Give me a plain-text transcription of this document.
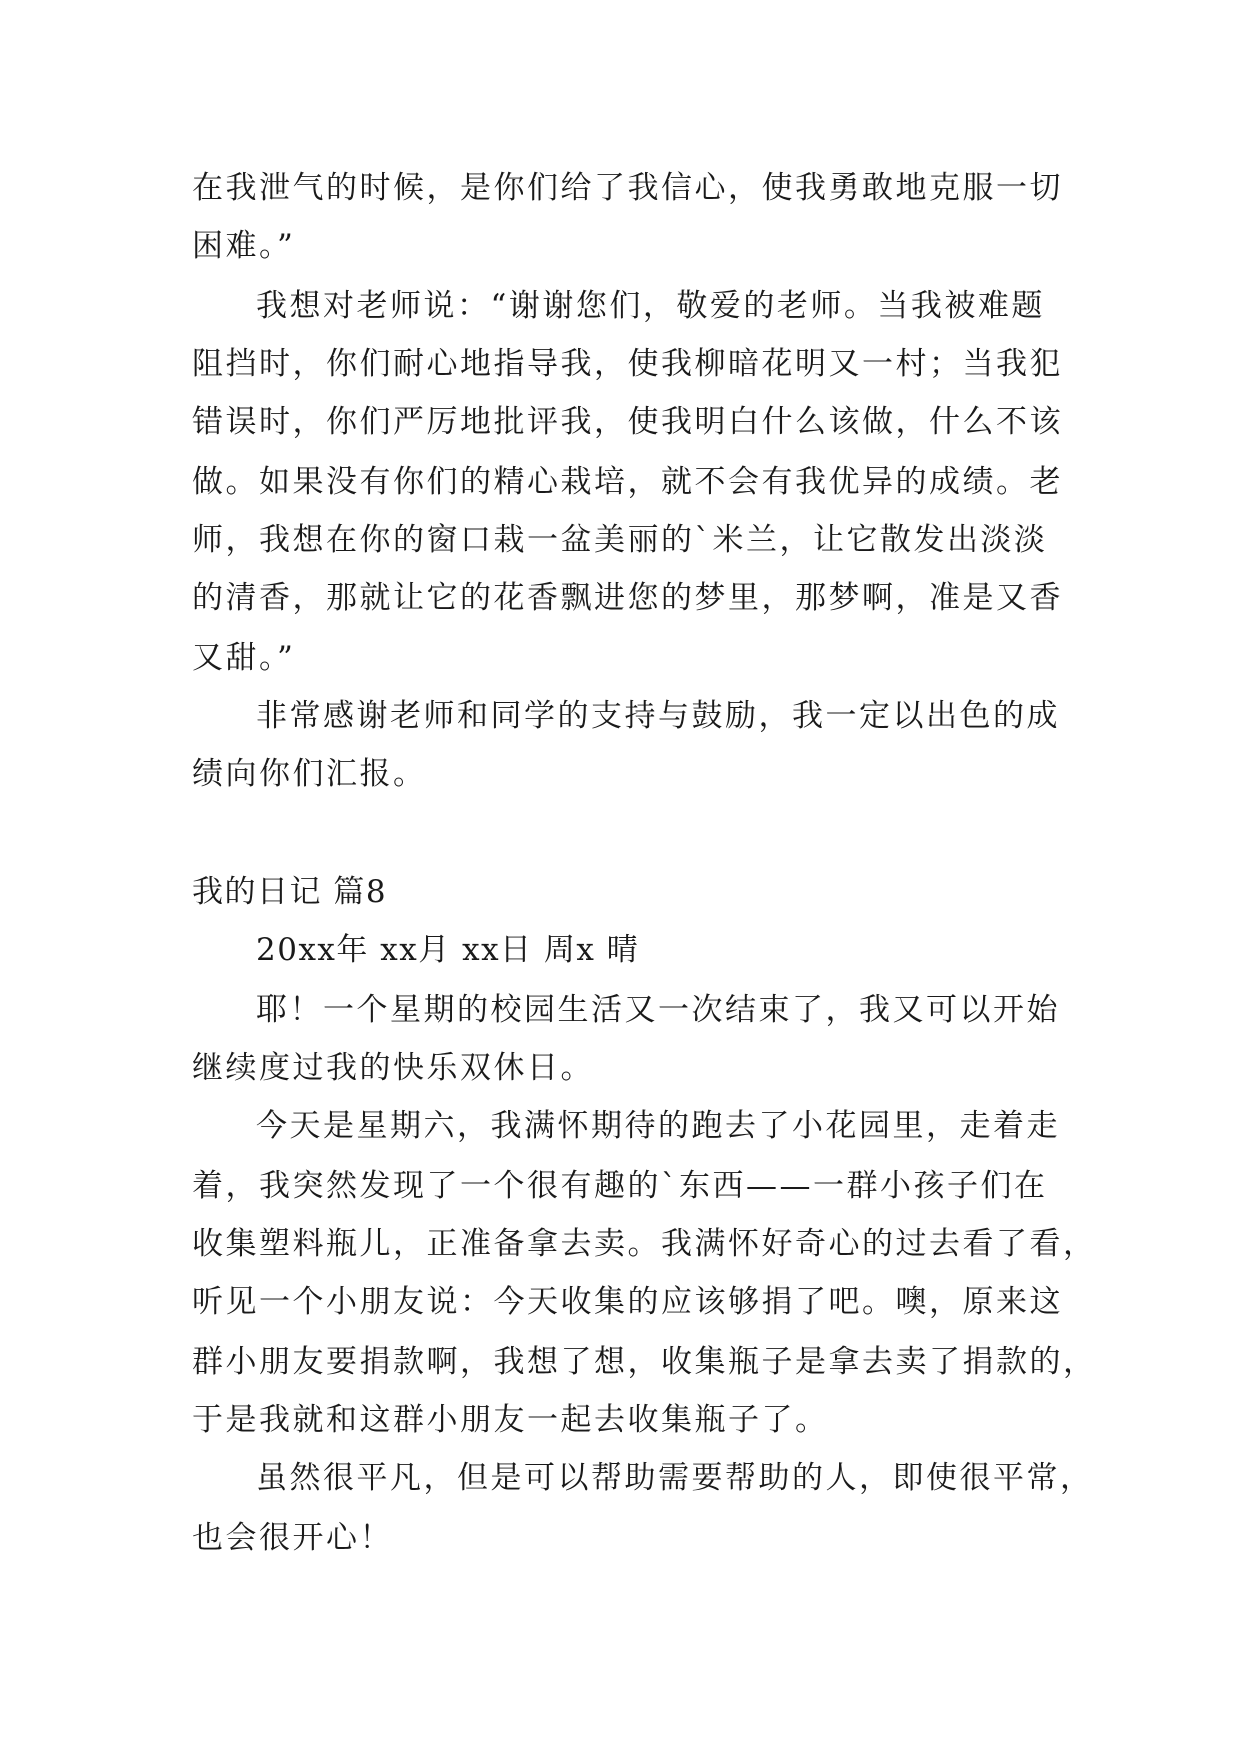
在我泄气的时候，是你们给了我信心，使我勇敢地克服一切
困难。”
我想对老师说：“谢谢您们，敬爱的老师。当我被难题
阻挡时，你们耐心地指导我，使我柳暗花明又一村；当我犯
错误时，你们严厉地批评我，使我明白什么该做，什么不该
做。如果没有你们的精心栽培，就不会有我优异的成绩。老
师，我想在你的窗口栽一盆美丽的`米兰，让它散发出淡淡
的清香，那就让它的花香飘进您的梦里，那梦啊，准是又香
又甜。”
非常感谢老师和同学的支持与鼓励，我一定以出色的成
绩向你们汇报。
我的日记 篇8
20xx年 xx月 xx日 周x 晴
耶！一个星期的校园生活又一次结束了，我又可以开始
继续度过我的快乐双休日。
今天是星期六，我满怀期待的跑去了小花园里，走着走
着，我突然发现了一个很有趣的`东西——一群小孩子们在
收集塑料瓶儿，正准备拿去卖。我满怀好奇心的过去看了看，
听见一个小朋友说：今天收集的应该够捐了吧。噢，原来这
群小朋友要捐款啊，我想了想，收集瓶子是拿去卖了捐款的，
于是我就和这群小朋友一起去收集瓶子了。
虽然很平凡，但是可以帮助需要帮助的人，即使很平常，
也会很开心！
